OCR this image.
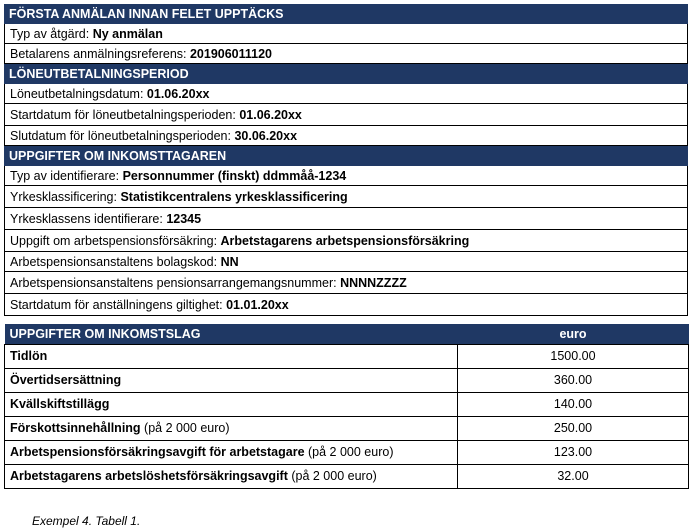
FÖRSTA ANMÄLAN INNAN FELET UPPTÄCKS
Typ av åtgärd: Ny anmälan
Betalarens anmälningsreferens: 201906011120
LÖNEUTBETALNINGSPERIOD
Löneutbetalningsdatum: 01.06.20xx
Startdatum för löneutbetalningsperioden: 01.06.20xx
Slutdatum för löneutbetalningsperioden: 30.06.20xx
UPPGIFTER OM INKOMSTTAGAREN
Typ av identifierare: Personnummer (finskt) ddmmåå-1234
Yrkesklassificering: Statistikcentralens yrkesklassificering
Yrkesklassens identifierare: 12345
Uppgift om arbetspensionsförsäkring: Arbetstagarens arbetspensionsförsäkring
Arbetspensionsanstaltens bolagskod: NN
Arbetspensionsanstaltens pensionsarrangemangsnummer: NNNNZZZZ
Startdatum för anställningens giltighet: 01.01.20xx
UPPGIFTER OM INKOMSTSLAG	euro
Tidlön	1500.00
Övertidsersättning	360.00
Kvällskiftstillägg	140.00
Förskottsinnehållning (på 2 000 euro)	250.00
Arbetspensionsförsäkringsavgift för arbetstagare (på 2 000 euro)	123.00
Arbetstagarens arbetslöshetsförsäkringsavgift (på 2 000 euro)	32.00
Exempel 4. Tabell 1.
